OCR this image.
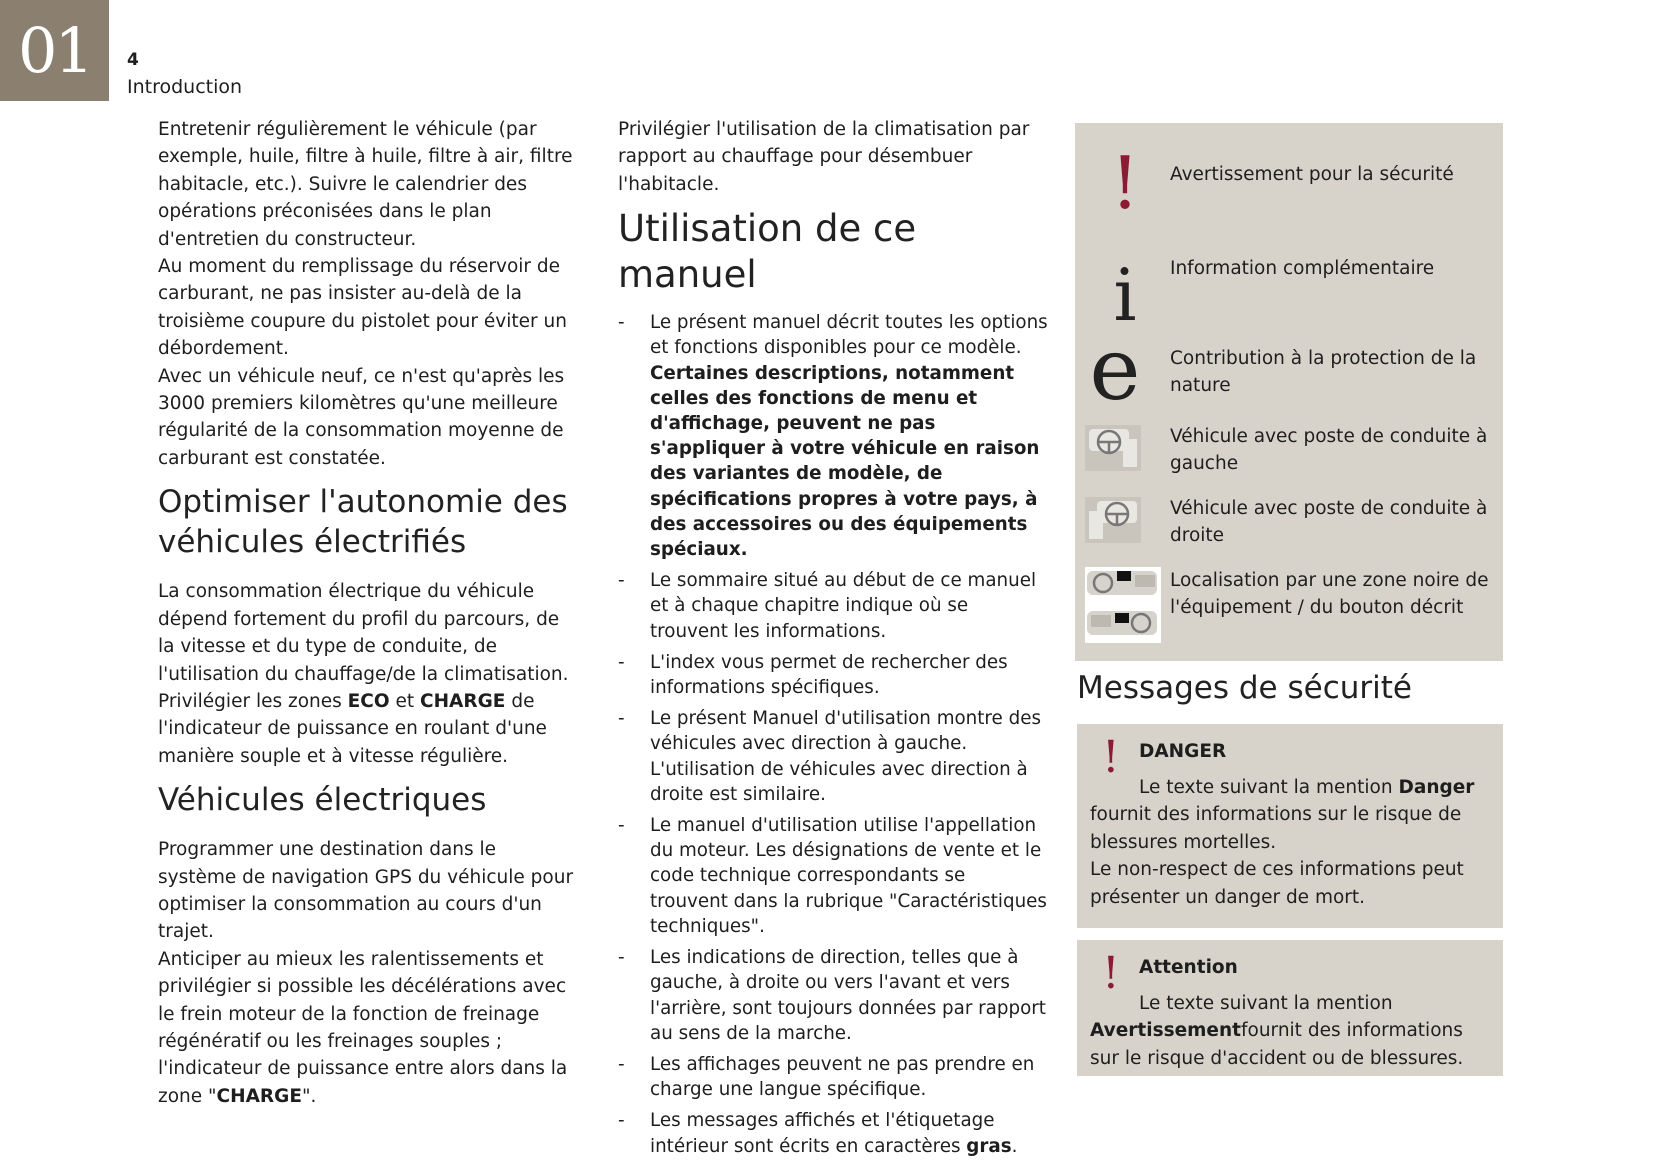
01 4
Introduction

Entretenir régulièrement le véhicule (par exemple, huile, filtre à huile, filtre à air, filtre habitacle, etc.). Suivre le calendrier des opérations préconisées dans le plan d'entretien du constructeur.

Au moment du remplissage du réservoir de carburant, ne pas insister au-delà de la troisième coupure du pistolet pour éviter un débordement.

Avec un véhicule neuf, ce n'est qu'après les 3000 premiers kilomètres qu'une meilleure régularité de la consommation moyenne de carburant est constatée.

Optimiser l'autonomie des véhicules électrifiés

La consommation électrique du véhicule dépend fortement du profil du parcours, de la vitesse et du type de conduite, de l'utilisation du chauffage/de la climatisation.

Privilégier les zones ECO et CHARGE de l'indicateur de puissance en roulant d'une manière souple et à vitesse régulière.

Véhicules électriques

Programmer une destination dans le système de navigation GPS du véhicule pour optimiser la consommation au cours d'un trajet.

Anticiper au mieux les ralentissements et privilégier si possible les décélérations avec le frein moteur de la fonction de freinage régénératif ou les freinages souples ; l'indicateur de puissance entre alors dans la zone "CHARGE".

Privilégier l'utilisation de la climatisation par rapport au chauffage pour désembuer l'habitacle.

Utilisation de ce manuel
- Le présent manuel décrit toutes les options et fonctions disponibles pour ce modèle. Certaines descriptions, notamment celles des fonctions de menu et d'affichage, peuvent ne pas s'appliquer à votre véhicule en raison des variantes de modèle, de spécifications propres à votre pays, à des accessoires ou des équipements spéciaux.
- Le sommaire situé au début de ce manuel et à chaque chapitre indique où se trouvent les informations.
- L'index vous permet de rechercher des informations spécifiques.
- Le présent Manuel d'utilisation montre des véhicules avec direction à gauche. L'utilisation de véhicules avec direction à droite est similaire.
- Le manuel d'utilisation utilise l'appellation du moteur. Les désignations de vente et le code technique correspondants se trouvent dans la rubrique "Caractéristiques techniques".
- Les indications de direction, telles que à gauche, à droite ou vers l'avant et vers l'arrière, sont toujours données par rapport au sens de la marche.
- Les affichages peuvent ne pas prendre en charge une langue spécifique.
- Les messages affichés et l'étiquetage intérieur sont écrits en caractères gras.
!	Avertissement pour la sécurité
i	Information complémentaire
e	Contribution à la protection de la nature
Véhicule avec poste de conduite à gauche
Véhicule avec poste de conduite à droite
Localisation par une zone noire de l'équipement / du bouton décrit
Messages de sécurité
! DANGER
Le texte suivant la mention Danger fournit des informations sur le risque de blessures mortelles.
Le non-respect de ces informations peut présenter un danger de mort.
! Attention
Le texte suivant la mention Avertissementfournit des informations sur le risque d'accident ou de blessures.
